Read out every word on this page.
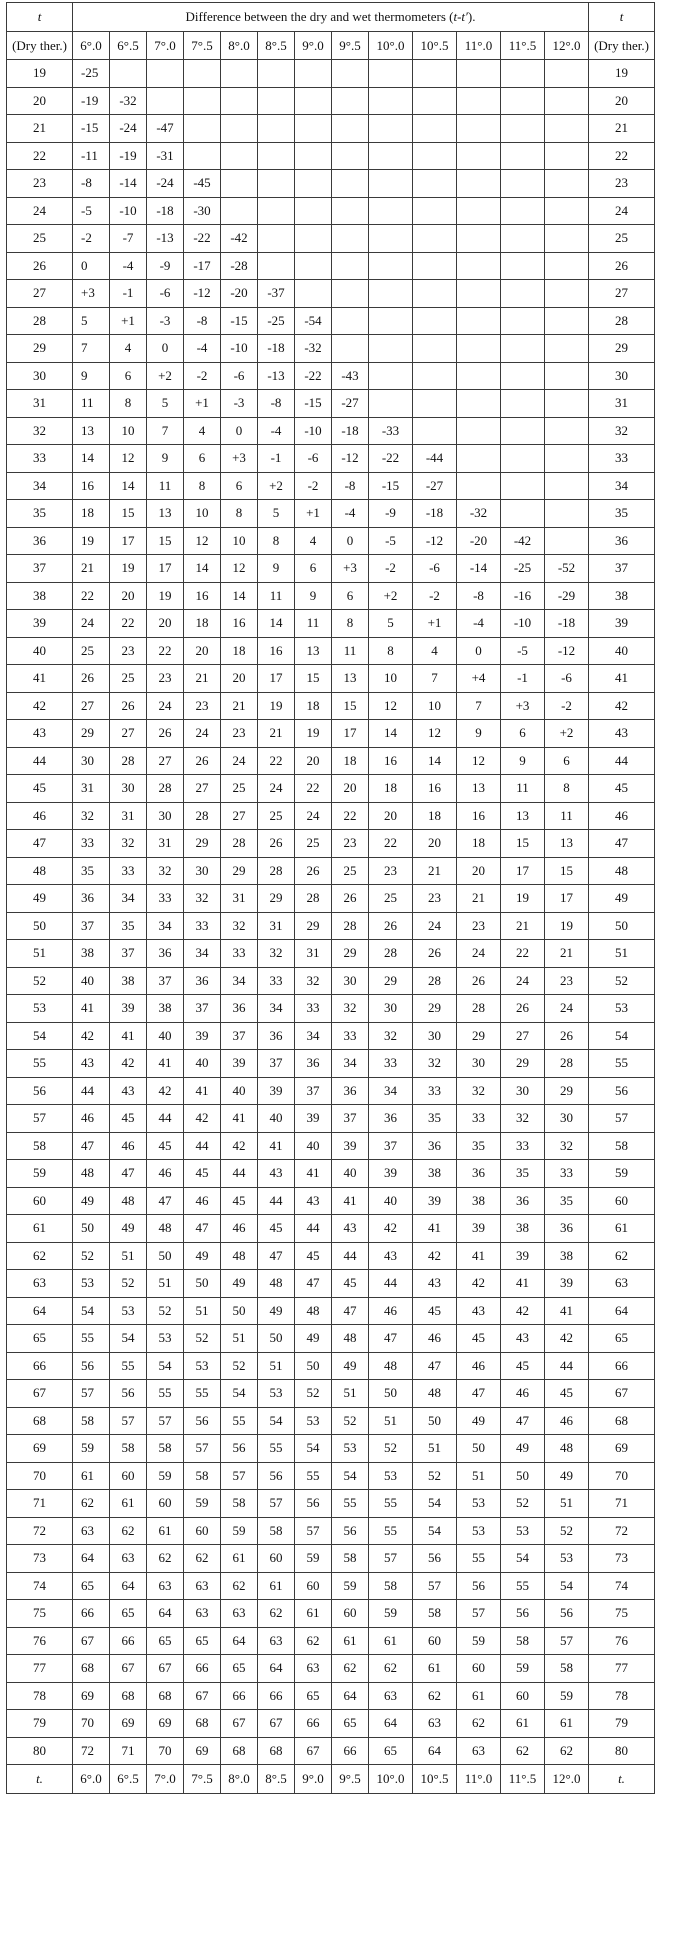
t	Difference between the dry and wet thermometers (t-t′).													t
(Dry ther.)	6°.0	6°.5	7°.0	7°.5	8°.0	8°.5	9°.0	9°.5	10°.0	10°.5	11°.0	11°.5	12°.0	(Dry ther.)
19	-25													19
20	-19	-32												20
21	-15	-24	-47											21
22	-11	-19	-31											22
23	-8	-14	-24	-45										23
24	-5	-10	-18	-30										24
25	-2	-7	-13	-22	-42									25
26	0	-4	-9	-17	-28									26
27	+3	-1	-6	-12	-20	-37								27
28	5	+1	-3	-8	-15	-25	-54							28
29	7	4	0	-4	-10	-18	-32							29
30	9	6	+2	-2	-6	-13	-22	-43						30
31	11	8	5	+1	-3	-8	-15	-27						31
32	13	10	7	4	0	-4	-10	-18	-33					32
33	14	12	9	6	+3	-1	-6	-12	-22	-44				33
34	16	14	11	8	6	+2	-2	-8	-15	-27				34
35	18	15	13	10	8	5	+1	-4	-9	-18	-32			35
36	19	17	15	12	10	8	4	0	-5	-12	-20	-42		36
37	21	19	17	14	12	9	6	+3	-2	-6	-14	-25	-52	37
38	22	20	19	16	14	11	9	6	+2	-2	-8	-16	-29	38
39	24	22	20	18	16	14	11	8	5	+1	-4	-10	-18	39
40	25	23	22	20	18	16	13	11	8	4	0	-5	-12	40
41	26	25	23	21	20	17	15	13	10	7	+4	-1	-6	41
42	27	26	24	23	21	19	18	15	12	10	7	+3	-2	42
43	29	27	26	24	23	21	19	17	14	12	9	6	+2	43
44	30	28	27	26	24	22	20	18	16	14	12	9	6	44
45	31	30	28	27	25	24	22	20	18	16	13	11	8	45
46	32	31	30	28	27	25	24	22	20	18	16	13	11	46
47	33	32	31	29	28	26	25	23	22	20	18	15	13	47
48	35	33	32	30	29	28	26	25	23	21	20	17	15	48
49	36	34	33	32	31	29	28	26	25	23	21	19	17	49
50	37	35	34	33	32	31	29	28	26	24	23	21	19	50
51	38	37	36	34	33	32	31	29	28	26	24	22	21	51
52	40	38	37	36	34	33	32	30	29	28	26	24	23	52
53	41	39	38	37	36	34	33	32	30	29	28	26	24	53
54	42	41	40	39	37	36	34	33	32	30	29	27	26	54
55	43	42	41	40	39	37	36	34	33	32	30	29	28	55
56	44	43	42	41	40	39	37	36	34	33	32	30	29	56
57	46	45	44	42	41	40	39	37	36	35	33	32	30	57
58	47	46	45	44	42	41	40	39	37	36	35	33	32	58
59	48	47	46	45	44	43	41	40	39	38	36	35	33	59
60	49	48	47	46	45	44	43	41	40	39	38	36	35	60
61	50	49	48	47	46	45	44	43	42	41	39	38	36	61
62	52	51	50	49	48	47	45	44	43	42	41	39	38	62
63	53	52	51	50	49	48	47	45	44	43	42	41	39	63
64	54	53	52	51	50	49	48	47	46	45	43	42	41	64
65	55	54	53	52	51	50	49	48	47	46	45	43	42	65
66	56	55	54	53	52	51	50	49	48	47	46	45	44	66
67	57	56	55	55	54	53	52	51	50	48	47	46	45	67
68	58	57	57	56	55	54	53	52	51	50	49	47	46	68
69	59	58	58	57	56	55	54	53	52	51	50	49	48	69
70	61	60	59	58	57	56	55	54	53	52	51	50	49	70
71	62	61	60	59	58	57	56	55	55	54	53	52	51	71
72	63	62	61	60	59	58	57	56	55	54	53	53	52	72
73	64	63	62	62	61	60	59	58	57	56	55	54	53	73
74	65	64	63	63	62	61	60	59	58	57	56	55	54	74
75	66	65	64	63	63	62	61	60	59	58	57	56	56	75
76	67	66	65	65	64	63	62	61	61	60	59	58	57	76
77	68	67	67	66	65	64	63	62	62	61	60	59	58	77
78	69	68	68	67	66	66	65	64	63	62	61	60	59	78
79	70	69	69	68	67	67	66	65	64	63	62	61	61	79
80	72	71	70	69	68	68	67	66	65	64	63	62	62	80
t.	6°.0	6°.5	7°.0	7°.5	8°.0	8°.5	9°.0	9°.5	10°.0	10°.5	11°.0	11°.5	12°.0	t.
